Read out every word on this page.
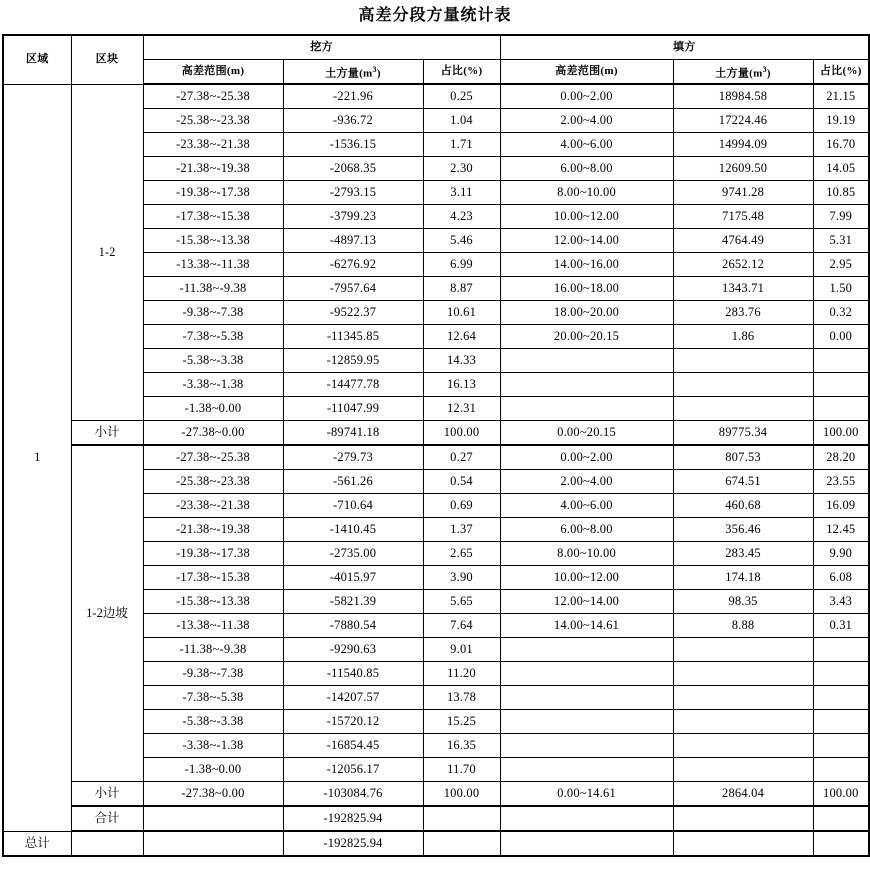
高差分段方量统计表
区域	区块	挖方			填方		
		高差范围(m)	土方量$(m^3)$	占比(%)	高差范围(m)	土方量$(m^3)$	占比(%)
1	1-2	-27.38~-25.38	-221.96	0.25	0.00~2.00	18984.58	21.15
		-25.38~-23.38	-936.72	1.04	2.00~4.00	17224.46	19.19
		-23.38~-21.38	-1536.15	1.71	4.00~6.00	14994.09	16.70
		-21.38~-19.38	-2068.35	2.30	6.00~8.00	12609.50	14.05
		-19.38~-17.38	-2793.15	3.11	8.00~10.00	9741.28	10.85
		-17.38~-15.38	-3799.23	4.23	10.00~12.00	7175.48	7.99
		-15.38~-13.38	-4897.13	5.46	12.00~14.00	4764.49	5.31
		-13.38~-11.38	-6276.92	6.99	14.00~16.00	2652.12	2.95
		-11.38~-9.38	-7957.64	8.87	16.00~18.00	1343.71	1.50
		-9.38~-7.38	-9522.37	10.61	18.00~20.00	283.76	0.32
		-7.38~-5.38	-11345.85	12.64	20.00~20.15	1.86	0.00
		-5.38~-3.38	-12859.95	14.33			
		-3.38~-1.38	-14477.78	16.13			
		-1.38~0.00	-11047.99	12.31			
	小计	-27.38~0.00	-89741.18	100.00	0.00~20.15	89775.34	100.00
	1-2边坡	-27.38~-25.38	-279.73	0.27	0.00~2.00	807.53	28.20
		-25.38~-23.38	-561.26	0.54	2.00~4.00	674.51	23.55
		-23.38~-21.38	-710.64	0.69	4.00~6.00	460.68	16.09
		-21.38~-19.38	-1410.45	1.37	6.00~8.00	356.46	12.45
		-19.38~-17.38	-2735.00	2.65	8.00~10.00	283.45	9.90
		-17.38~-15.38	-4015.97	3.90	10.00~12.00	174.18	6.08
		-15.38~-13.38	-5821.39	5.65	12.00~14.00	98.35	3.43
		-13.38~-11.38	-7880.54	7.64	14.00~14.61	8.88	0.31
		-11.38~-9.38	-9290.63	9.01			
		-9.38~-7.38	-11540.85	11.20			
		-7.38~-5.38	-14207.57	13.78			
		-5.38~-3.38	-15720.12	15.25			
		-3.38~-1.38	-16854.45	16.35			
		-1.38~0.00	-12056.17	11.70			
	小计	-27.38~0.00	-103084.76	100.00	0.00~14.61	2864.04	100.00
	合计		-192825.94				
总计			-192825.94				
